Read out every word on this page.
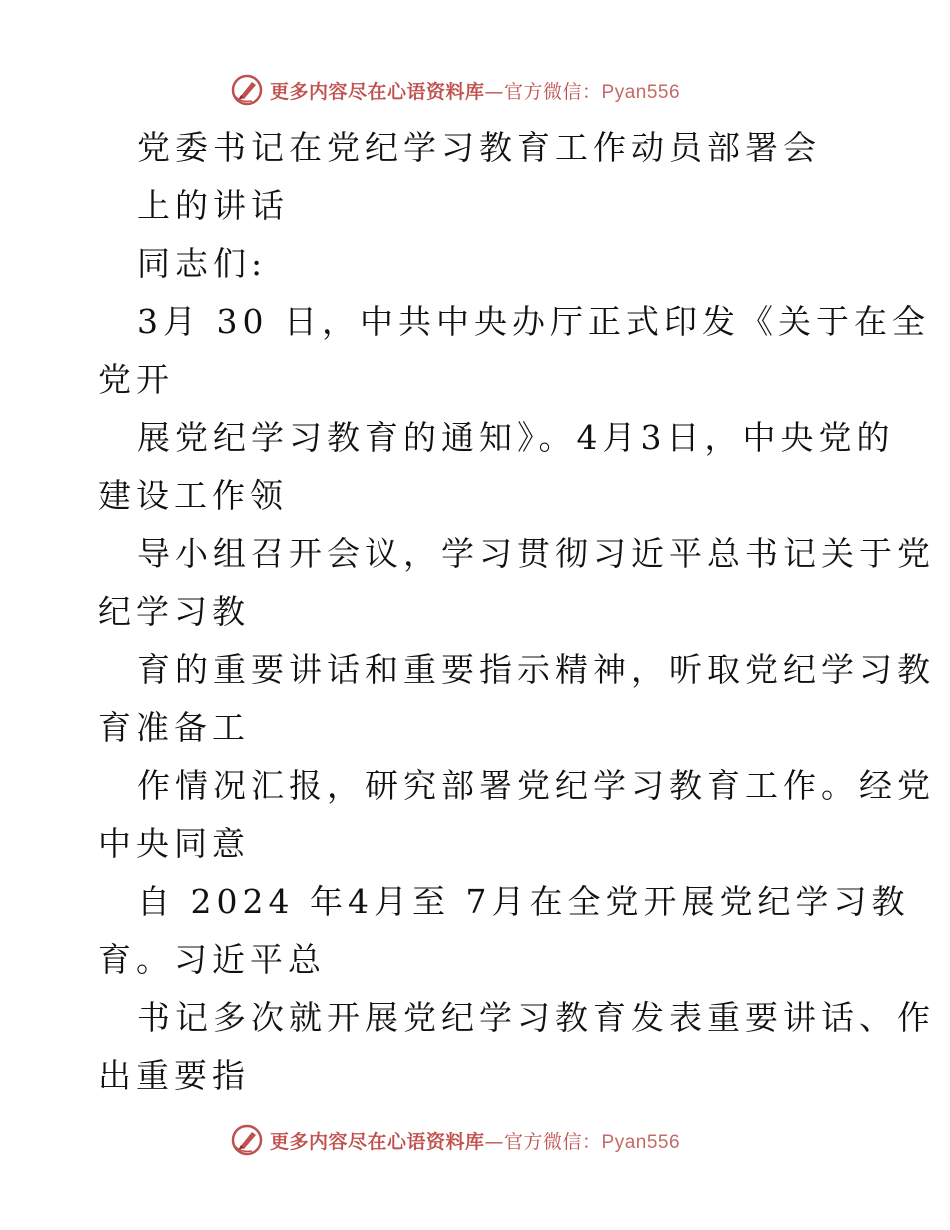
更多内容尽在心语资料库—官方微信：Pyan556
党委书记在党纪学习教育工作动员部署会
上的讲话
同志们:
3月 30 日，中共中央办厅正式印发《关于在全
党开
展党纪学习教育的通知》。4月3日，中央党的
建设工作领
导小组召开会议，学习贯彻习近平总书记关于党
纪学习教
育的重要讲话和重要指示精神，听取党纪学习教
育准备工
作情况汇报，研究部署党纪学习教育工作。经党
中央同意
自 2024 年4月至 7月在全党开展党纪学习教
育。习近平总
书记多次就开展党纪学习教育发表重要讲话、作
出重要指
更多内容尽在心语资料库—官方微信：Pyan556
